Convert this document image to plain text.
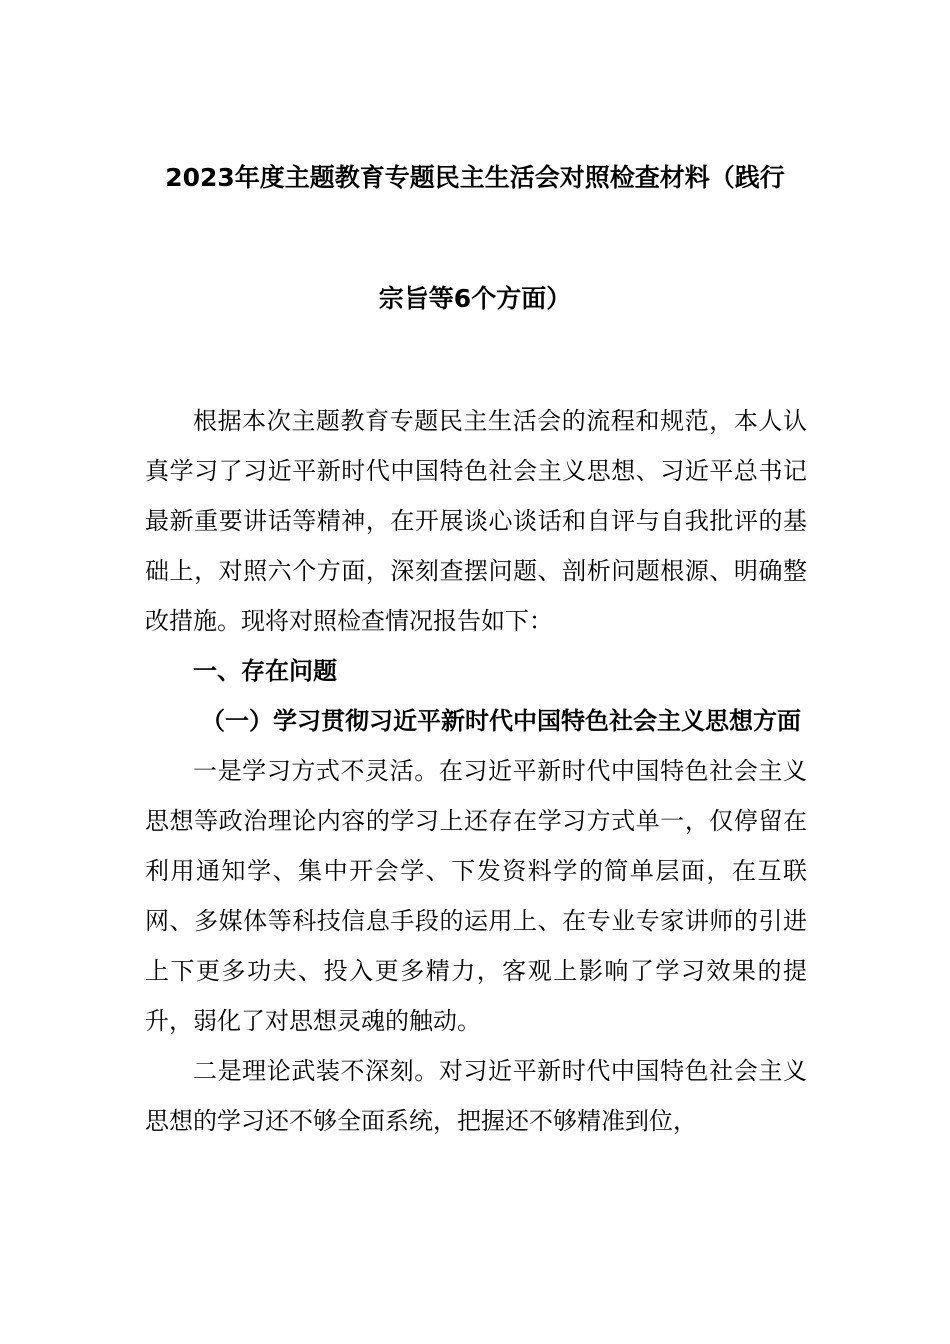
2023年度主题教育专题民主生活会对照检查材料（践行
宗旨等6个方面）

根据本次主题教育专题民主生活会的流程和规范，本人认真学习了习近平新时代中国特色社会主义思想、习近平总书记最新重要讲话等精神，在开展谈心谈话和自评与自我批评的基础上，对照六个方面，深刻查摆问题、剖析问题根源、明确整改措施。现将对照检查情况报告如下：

一、存在问题

（一）学习贯彻习近平新时代中国特色社会主义思想方面

一是学习方式不灵活。在习近平新时代中国特色社会主义思想等政治理论内容的学习上还存在学习方式单一，仅停留在利用通知学、集中开会学、下发资料学的简单层面，在互联网、多媒体等科技信息手段的运用上、在专业专家讲师的引进上下更多功夫、投入更多精力，客观上影响了学习效果的提升，弱化了对思想灵魂的触动。

二是理论武装不深刻。对习近平新时代中国特色社会主义思想的学习还不够全面系统，把握还不够精准到位，
